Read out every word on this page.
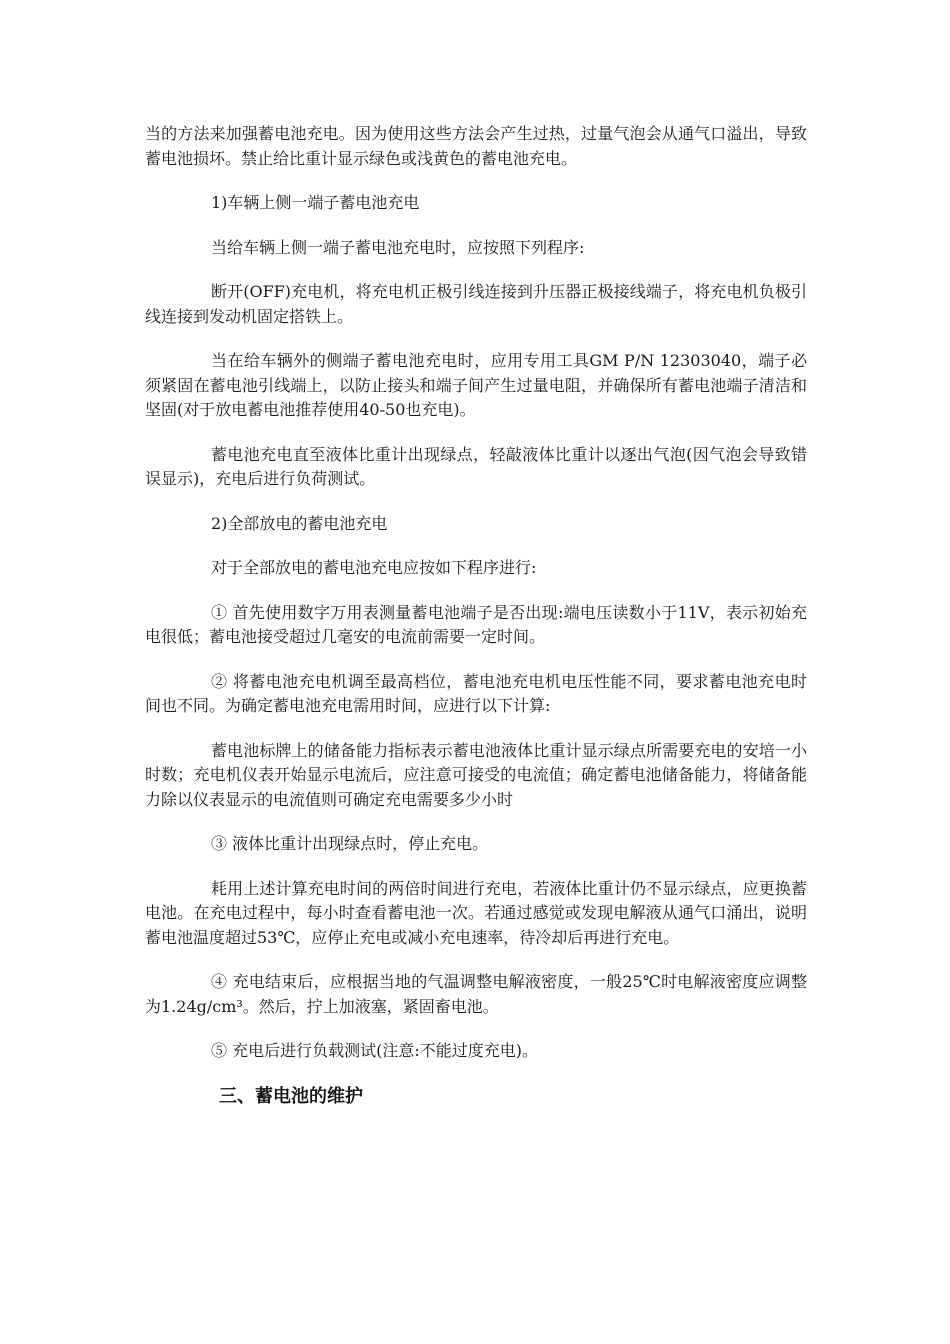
当的方法来加强蓄电池充电。因为使用这些方法会产生过热，过量气泡会从通气口溢出，导致蓄电池损坏。禁止给比重计显示绿色或浅黄色的蓄电池充电。

1)车辆上侧一端子蓄电池充电

当给车辆上侧一端子蓄电池充电时，应按照下列程序:

断开(OFF)充电机，将充电机正极引线连接到升压器正极接线端子，将充电机负极引线连接到发动机固定搭铁上。

当在给车辆外的侧端子蓄电池充电时，应用专用工具GM P/N 12303040，端子必须紧固在蓄电池引线端上，以防止接头和端子间产生过量电阻，并确保所有蓄电池端子清洁和坚固(对于放电蓄电池推荐使用40-50也充电)。

蓄电池充电直至液体比重计出现绿点，轻敲液体比重计以逐出气泡(因气泡会导致错误显示)，充电后进行负荷测试。

2)全部放电的蓄电池充电

对于全部放电的蓄电池充电应按如下程序进行:

① 首先使用数字万用表测量蓄电池端子是否出现:端电压读数小于11V，表示初始充电很低；蓄电池接受超过几毫安的电流前需要一定时间。

② 将蓄电池充电机调至最高档位，蓄电池充电机电压性能不同，要求蓄电池充电时间也不同。为确定蓄电池充电需用时间，应进行以下计算:

蓄电池标牌上的储备能力指标表示蓄电池液体比重计显示绿点所需要充电的安培一小时数；充电机仪表开始显示电流后，应注意可接受的电流值；确定蓄电池储备能力，将储备能力除以仪表显示的电流值则可确定充电需要多少小时

③ 液体比重计出现绿点时，停止充电。

耗用上述计算充电时间的两倍时间进行充电，若液体比重计仍不显示绿点，应更换蓄电池。在充电过程中，每小时查看蓄电池一次。若通过感觉或发现电解液从通气口涌出，说明蓄电池温度超过53℃，应停止充电或减小充电速率，待冷却后再进行充电。

④ 充电结束后，应根据当地的气温调整电解液密度，一般25℃时电解液密度应调整为1.24g/cm³。然后，拧上加液塞，紧固畜电池。

⑤ 充电后进行负载测试(注意:不能过度充电)。

三、蓄电池的维护
